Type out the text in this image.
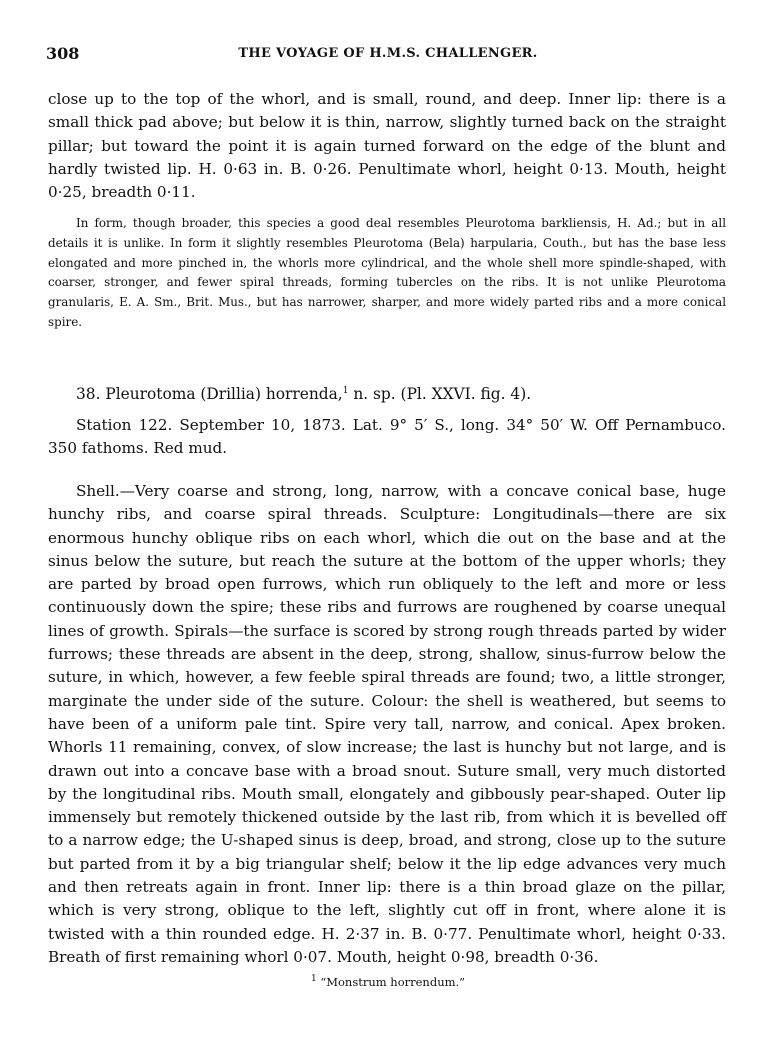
308	THE VOYAGE OF H.M.S. CHALLENGER.

close up to the top of the whorl, and is small, round, and deep. Inner lip: there is a small thick pad above; but below it is thin, narrow, slightly turned back on the straight pillar; but toward the point it is again turned forward on the edge of the blunt and hardly twisted lip. H. 0·63 in. B. 0·26. Penultimate whorl, height 0·13. Mouth, height 0·25, breadth 0·11.

In form, though broader, this species a good deal resembles Pleurotoma barkliensis, H. Ad.; but in all details it is unlike. In form it slightly resembles Pleurotoma (Bela) harpularia, Couth., but has the base less elongated and more pinched in, the whorls more cylindrical, and the whole shell more spindle-shaped, with coarser, stronger, and fewer spiral threads, forming tubercles on the ribs. It is not unlike Pleurotoma granularis, E. A. Sm., Brit. Mus., but has narrower, sharper, and more widely parted ribs and a more conical spire.

38. Pleurotoma (Drillia) horrenda,$^1$ n. sp. (Pl. XXVI. fig. 4).

Station 122. September 10, 1873. Lat. 9° 5′ S., long. 34° 50′ W. Off Pernambuco. 350 fathoms. Red mud.

Shell.—Very coarse and strong, long, narrow, with a concave conical base, huge hunchy ribs, and coarse spiral threads. Sculpture: Longitudinals—there are six enormous hunchy oblique ribs on each whorl, which die out on the base and at the sinus below the suture, but reach the suture at the bottom of the upper whorls; they are parted by broad open furrows, which run obliquely to the left and more or less continuously down the spire; these ribs and furrows are roughened by coarse unequal lines of growth. Spirals—the surface is scored by strong rough threads parted by wider furrows; these threads are absent in the deep, strong, shallow, sinus-furrow below the suture, in which, however, a few feeble spiral threads are found; two, a little stronger, marginate the under side of the suture. Colour: the shell is weathered, but seems to have been of a uniform pale tint. Spire very tall, narrow, and conical. Apex broken. Whorls 11 remaining, convex, of slow increase; the last is hunchy but not large, and is drawn out into a concave base with a broad snout. Suture small, very much distorted by the longitudinal ribs. Mouth small, elongately and gibbously pear-shaped. Outer lip immensely but remotely thickened outside by the last rib, from which it is bevelled off to a narrow edge; the U-shaped sinus is deep, broad, and strong, close up to the suture but parted from it by a big triangular shelf; below it the lip edge advances very much and then retreats again in front. Inner lip: there is a thin broad glaze on the pillar, which is very strong, oblique to the left, slightly cut off in front, where alone it is twisted with a thin rounded edge. H. 2·37 in. B. 0·77. Penultimate whorl, height 0·33. Breath of first remaining whorl 0·07. Mouth, height 0·98, breadth 0·36.

$^1$ “Monstrum horrendum.”
